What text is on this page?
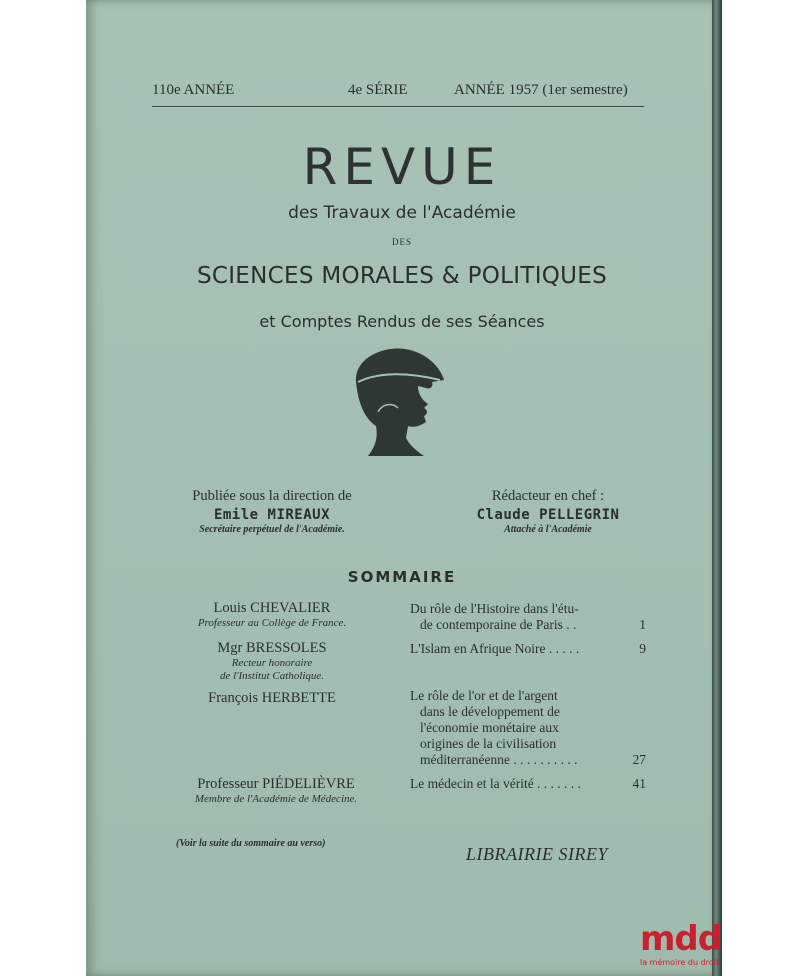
110e ANNÉE	4e SÉRIE	ANNÉE 1957 (1er semestre)
REVUE
des Travaux de l'Académie
DES
SCIENCES MORALES & POLITIQUES
et Comptes Rendus de ses Séances
Publiée sous la direction de
Emile MIREAUX
Secrétaire perpétuel de l'Académie.
Rédacteur en chef :
Claude PELLEGRIN
Attaché à l'Académie
SOMMAIRE
Louis CHEVALIER
Professeur au Collège de France.
Du rôle de l'Histoire dans l'étu-
de contemporaine de Paris . .	1
Mgr BRESSOLES
Recteur honoraire
de l'Institut Catholique.
L'Islam en Afrique Noire . . . . .	9
François HERBETTE	Le rôle de l'or et de l'argent
dans le développement de
l'économie monétaire aux
origines de la civilisation
méditerranéenne . . . . . . . . . .	27
Professeur PIÉDELIÈVRE
Membre de l'Académie de Médecine.
Le médecin et la vérité . . . . . . .	41
(Voir la suite du sommaire au verso)
LIBRAIRIE SIREY
mdd
la mémoire du droit
